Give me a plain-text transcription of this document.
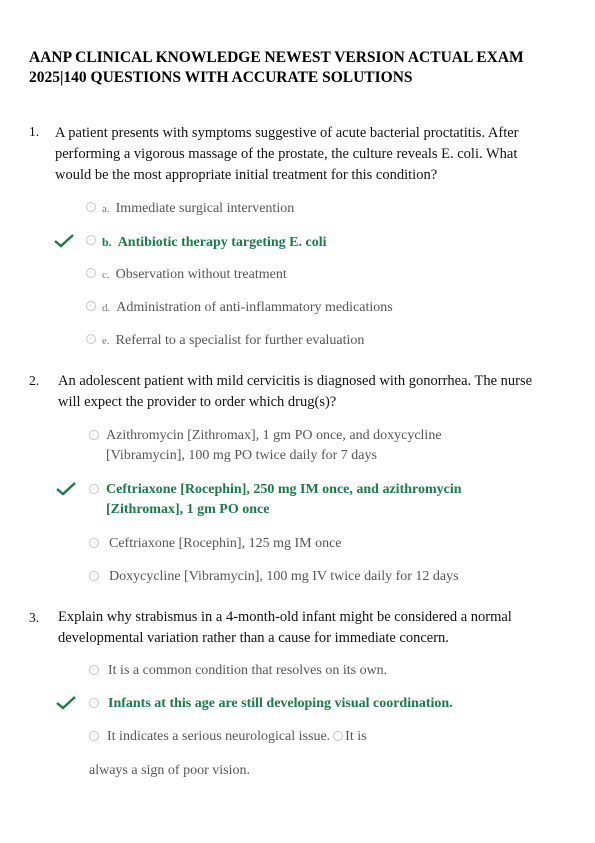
AANP CLINICAL KNOWLEDGE NEWEST VERSION ACTUAL EXAM
2025|140 QUESTIONS WITH ACCURATE SOLUTIONS
1. A patient presents with symptoms suggestive of acute bacterial proctatitis. After performing a vigorous massage of the prostate, the culture reveals E. coli. What would be the most appropriate initial treatment for this condition?
a. Immediate surgical intervention
b. Antibiotic therapy targeting E. coli
c. Observation without treatment
d. Administration of anti-inflammatory medications
e. Referral to a specialist for further evaluation
2. An adolescent patient with mild cervicitis is diagnosed with gonorrhea. The nurse will expect the provider to order which drug(s)?
Azithromycin [Zithromax], 1 gm PO once, and doxycycline [Vibramycin], 100 mg PO twice daily for 7 days
Ceftriaxone [Rocephin], 250 mg IM once, and azithromycin [Zithromax], 1 gm PO once
Ceftriaxone [Rocephin], 125 mg IM once
Doxycycline [Vibramycin], 100 mg IV twice daily for 12 days
3. Explain why strabismus in a 4-month-old infant might be considered a normal developmental variation rather than a cause for immediate concern.
It is a common condition that resolves on its own.
Infants at this age are still developing visual coordination.
It indicates a serious neurological issue. It is
always a sign of poor vision.
